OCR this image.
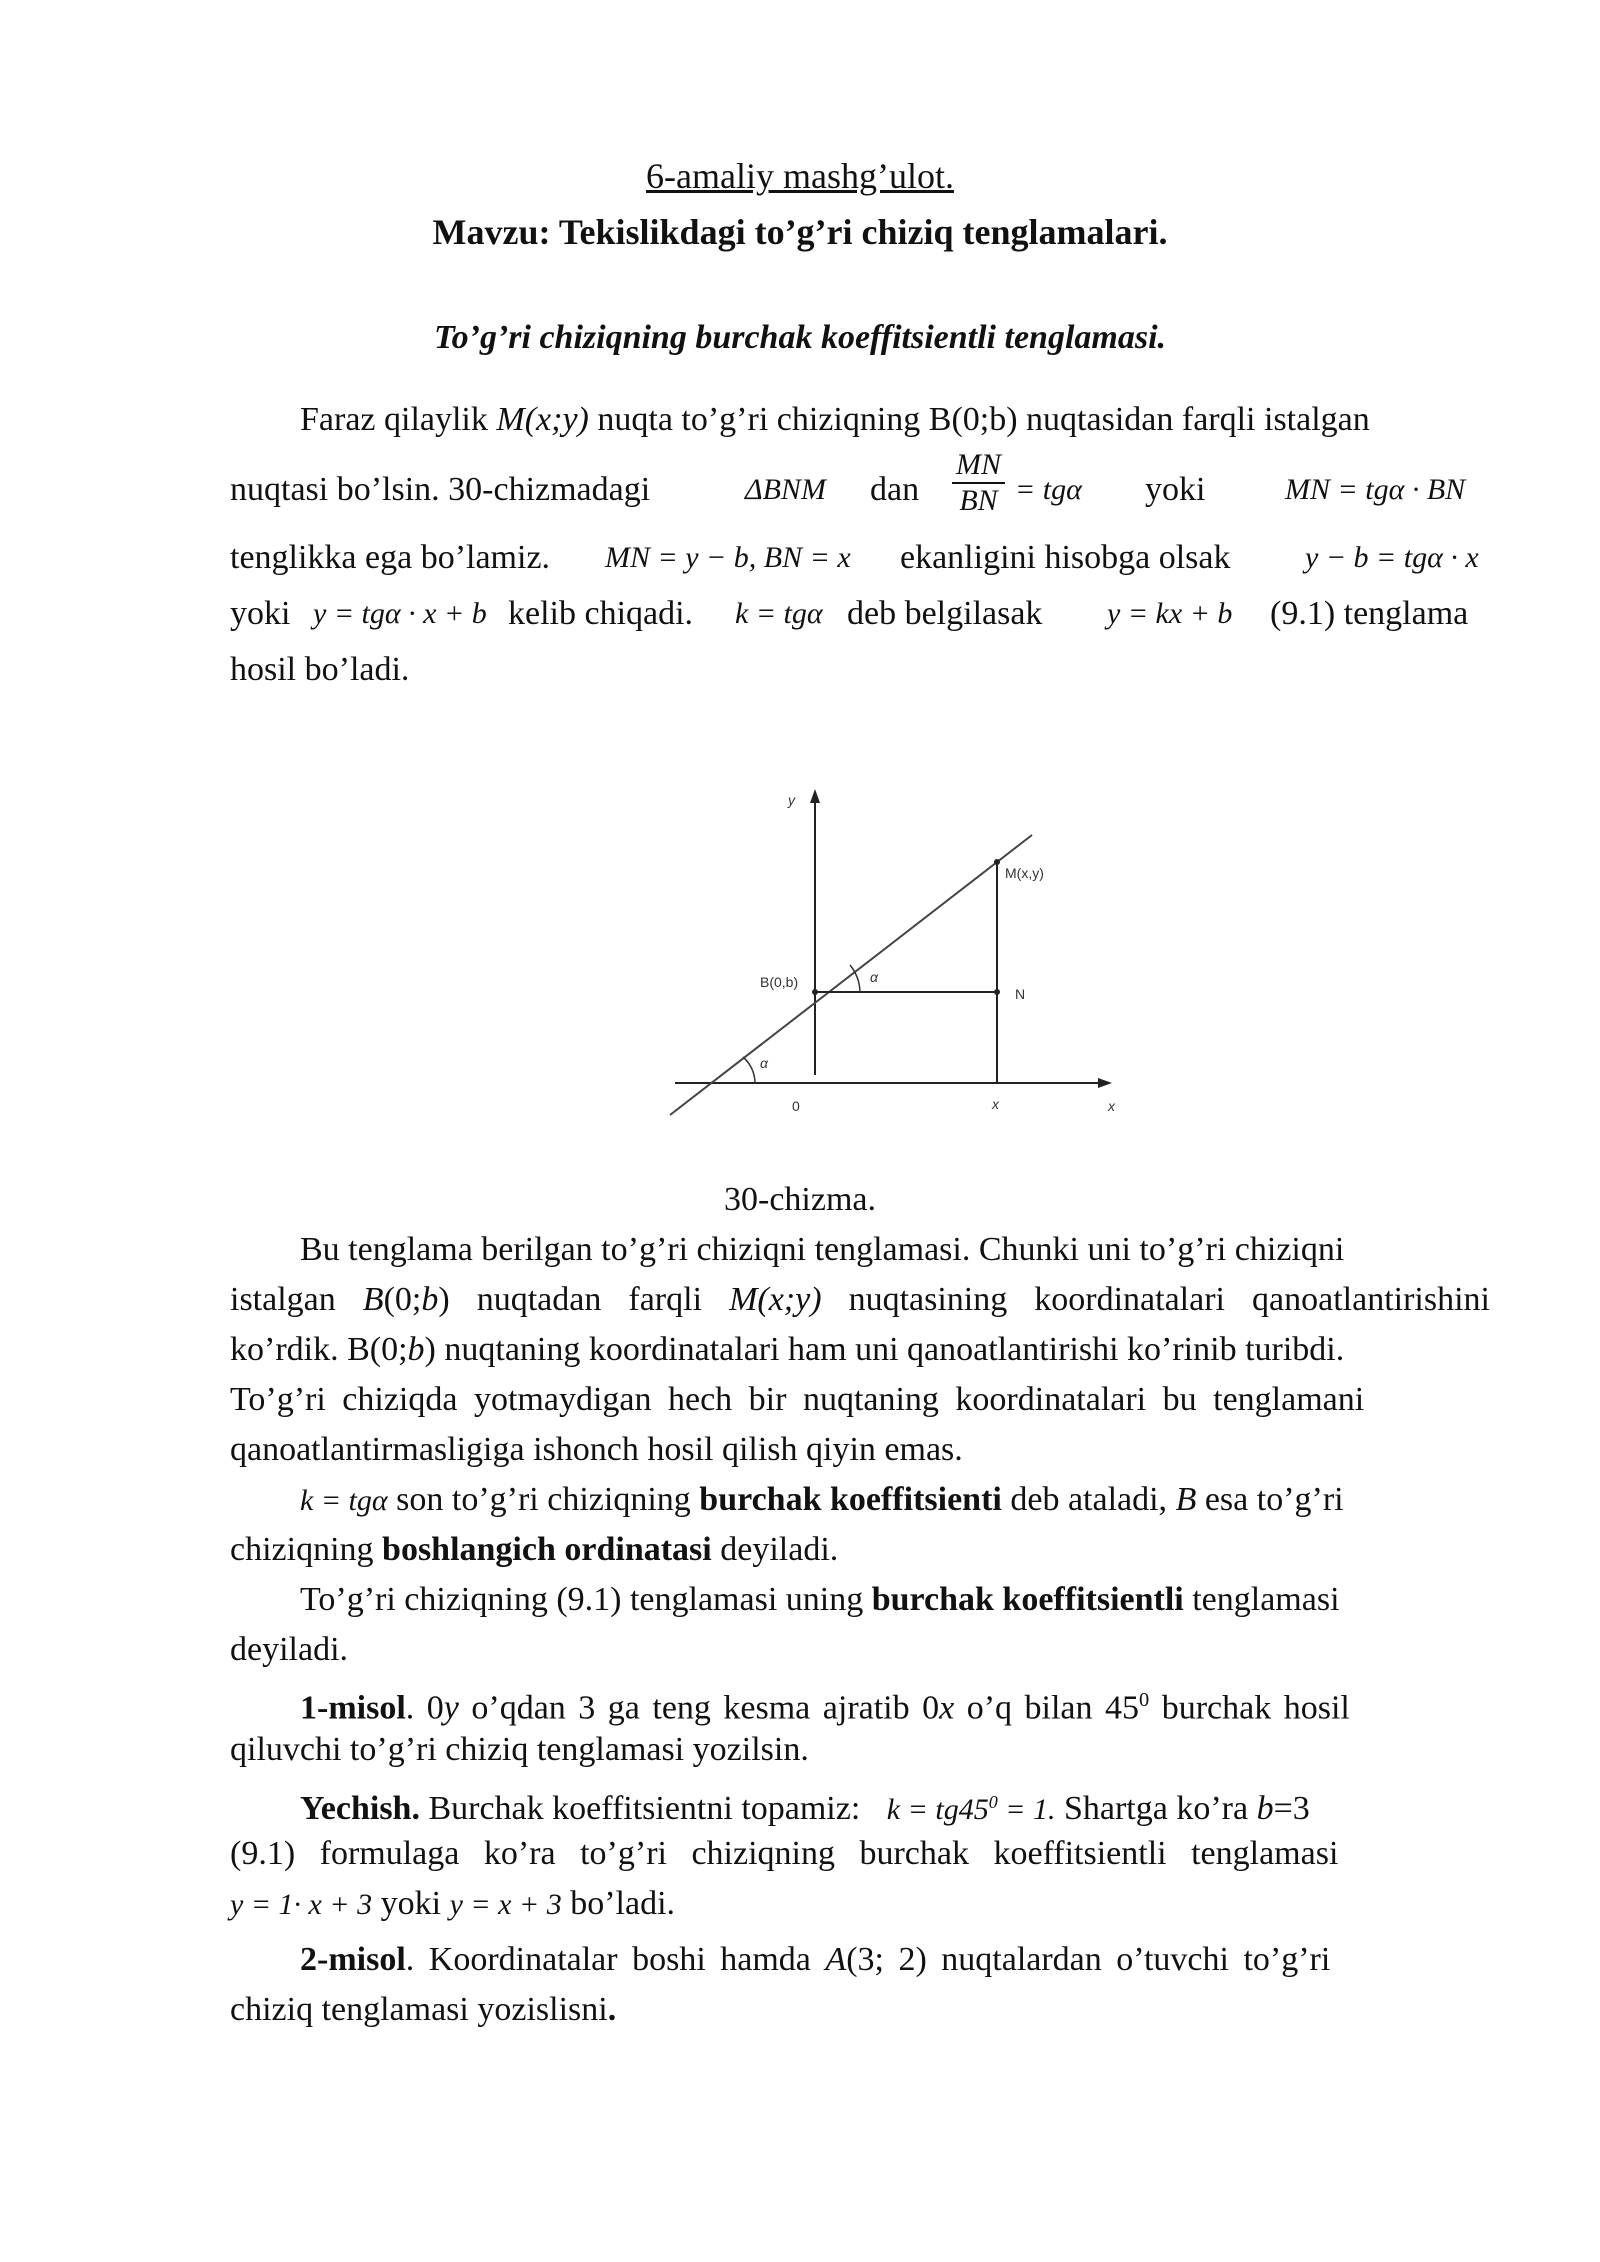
6-amaliy mashg’ulot.
Mavzu: Tekislikdagi to’g’ri chiziq tenglamalari.
To’g’ri chiziqning burchak koeffitsientli tenglamasi.
Faraz qilaylik M(x;y) nuqta to’g’ri chiziqning B(0;b) nuqtasidan farqli istalgan
nuqtasi bo’lsin. 30-chizmadagi	ΔBNM dan $\frac{MN}{BN} = tg\alpha$ yoki	MN = tgα · BN
tenglikka ega bo’lamiz. MN = y − b, BN = x ekanligini hisobga olsak y − b = tgα · x
yoki y = tgα · x + b kelib chiqadi. k = tgα deb belgilasak y = kx + b (9.1) tenglama
hosil bo’ladi.
y
x
0	x
B(0,b)
M(x,y)
N
α
α
30-chizma.
Bu tenglama berilgan to’g’ri chiziqni tenglamasi. Chunki uni to’g’ri chiziqni
istalgan B(0;b) nuqtadan farqli M(x;y) nuqtasining koordinatalari qanoatlantirishini
ko’rdik. B(0;b) nuqtaning koordinatalari ham uni qanoatlantirishi ko’rinib turibdi.
To’g’ri chiziqda yotmaydigan hech bir nuqtaning koordinatalari bu tenglamani
qanoatlantirmasligiga ishonch hosil qilish qiyin emas.
k = tgα son to’g’ri chiziqning burchak koeffitsienti deb ataladi, B esa to’g’ri
chiziqning boshlangich ordinatasi deyiladi.
To’g’ri chiziqning (9.1) tenglamasi uning burchak koeffitsientli tenglamasi
deyiladi.
1-misol. 0y o’qdan 3 ga teng kesma ajratib 0x o’q bilan $45^0$ burchak hosil
qiluvchi to’g’ri chiziq tenglamasi yozilsin.
Yechish. Burchak koeffitsientni topamiz: $k = tg45^0 = 1$. Shartga ko’ra b=3
(9.1) formulaga ko’ra to’g’ri chiziqning burchak koeffitsientli tenglamasi
y = 1· x + 3 yoki y = x + 3 bo’ladi.
2-misol. Koordinatalar boshi hamda A(3; 2) nuqtalardan o’tuvchi to’g’ri
chiziq tenglamasi yozislisni.
